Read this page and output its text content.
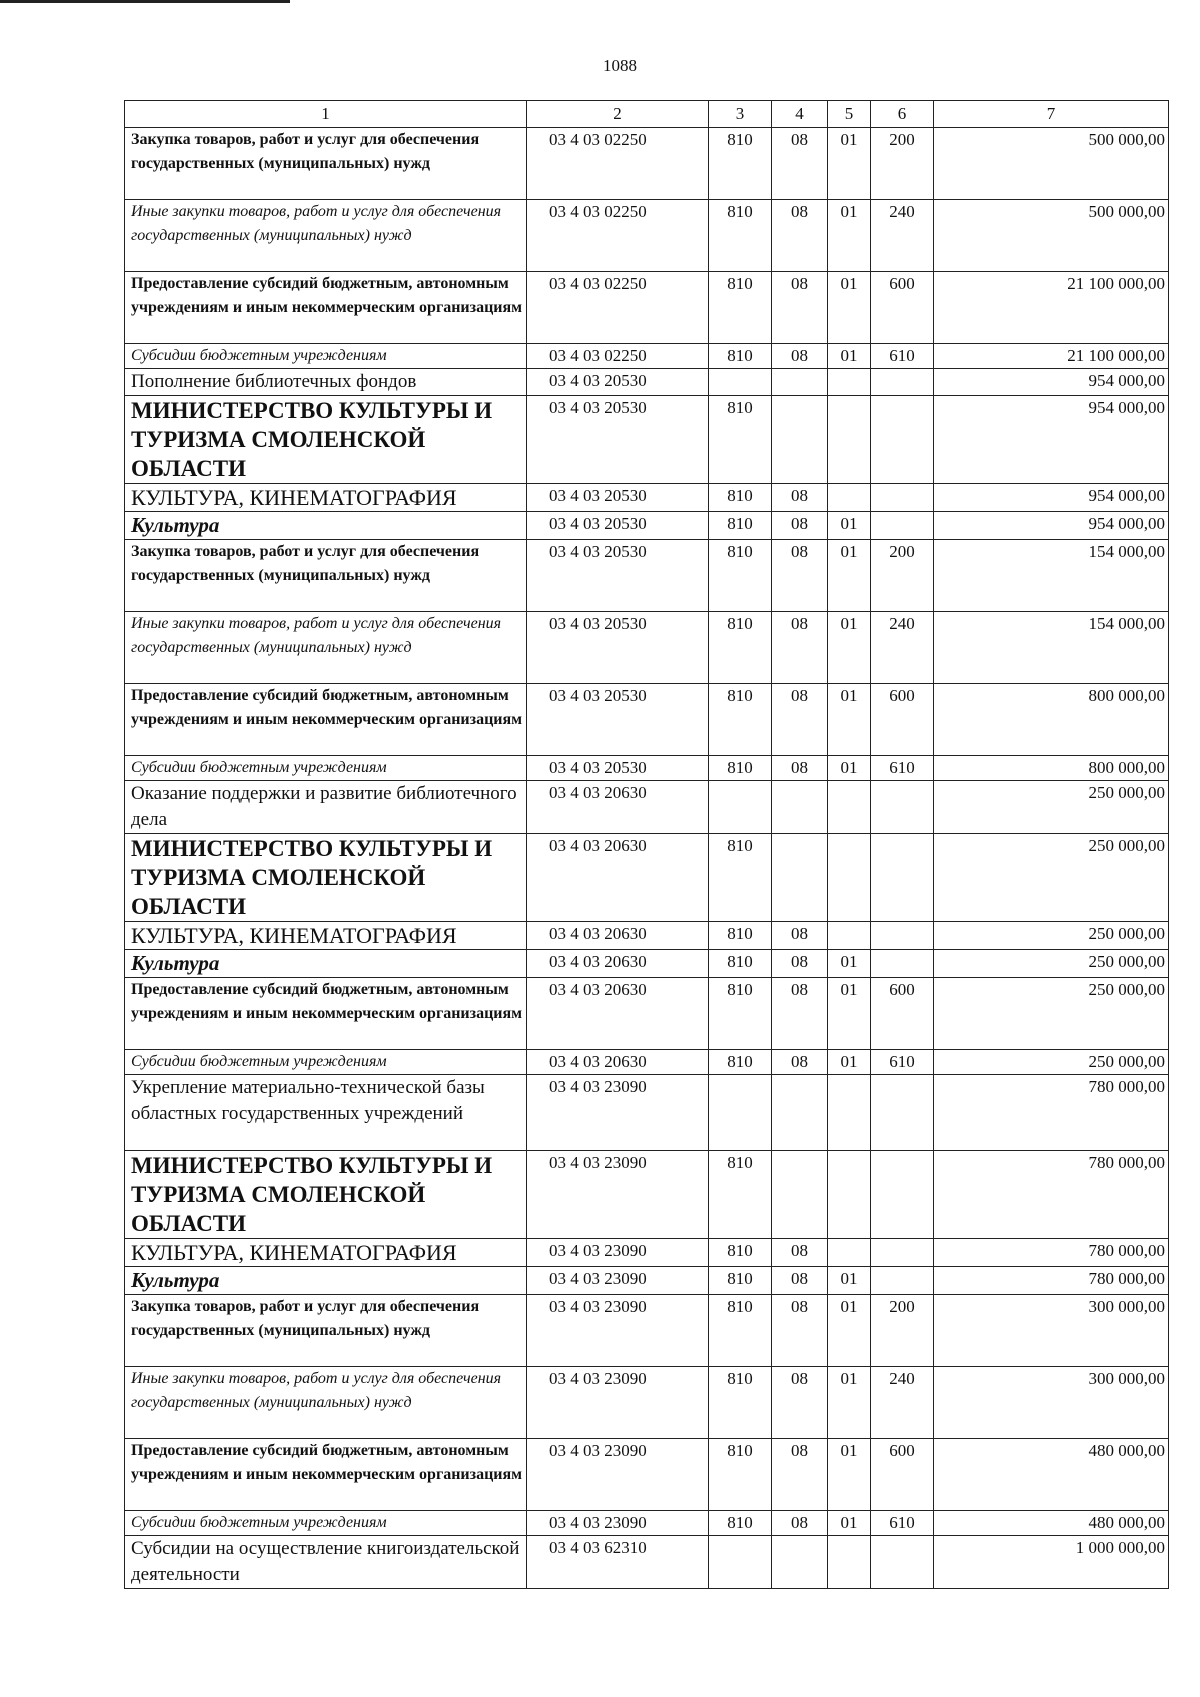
1088
1	2	3	4	5	6	7
Закупка товаров, работ и услуг для обеспечения государственных (муниципальных) нужд	03 4 03 02250	810	08	01	200	500 000,00
Иные закупки товаров, работ и услуг для обеспечения государственных (муниципальных) нужд	03 4 03 02250	810	08	01	240	500 000,00
Предоставление субсидий бюджетным, автономным учреждениям и иным некоммерческим организациям	03 4 03 02250	810	08	01	600	21 100 000,00
Субсидии бюджетным учреждениям	03 4 03 02250	810	08	01	610	21 100 000,00
Пополнение библиотечных фондов	03 4 03 20530					954 000,00
МИНИСТЕРСТВО КУЛЬТУРЫ И ТУРИЗМА СМОЛЕНСКОЙ ОБЛАСТИ	03 4 03 20530	810				954 000,00
КУЛЬТУРА, КИНЕМАТОГРАФИЯ	03 4 03 20530	810	08			954 000,00
Культура	03 4 03 20530	810	08	01		954 000,00
Закупка товаров, работ и услуг для обеспечения государственных (муниципальных) нужд	03 4 03 20530	810	08	01	200	154 000,00
Иные закупки товаров, работ и услуг для обеспечения государственных (муниципальных) нужд	03 4 03 20530	810	08	01	240	154 000,00
Предоставление субсидий бюджетным, автономным учреждениям и иным некоммерческим организациям	03 4 03 20530	810	08	01	600	800 000,00
Субсидии бюджетным учреждениям	03 4 03 20530	810	08	01	610	800 000,00
Оказание поддержки и развитие библиотечного дела	03 4 03 20630					250 000,00
МИНИСТЕРСТВО КУЛЬТУРЫ И ТУРИЗМА СМОЛЕНСКОЙ ОБЛАСТИ	03 4 03 20630	810				250 000,00
КУЛЬТУРА, КИНЕМАТОГРАФИЯ	03 4 03 20630	810	08			250 000,00
Культура	03 4 03 20630	810	08	01		250 000,00
Предоставление субсидий бюджетным, автономным учреждениям и иным некоммерческим организациям	03 4 03 20630	810	08	01	600	250 000,00
Субсидии бюджетным учреждениям	03 4 03 20630	810	08	01	610	250 000,00
Укрепление материально-технической базы областных государственных учреждений	03 4 03 23090					780 000,00
МИНИСТЕРСТВО КУЛЬТУРЫ И ТУРИЗМА СМОЛЕНСКОЙ ОБЛАСТИ	03 4 03 23090	810				780 000,00
КУЛЬТУРА, КИНЕМАТОГРАФИЯ	03 4 03 23090	810	08			780 000,00
Культура	03 4 03 23090	810	08	01		780 000,00
Закупка товаров, работ и услуг для обеспечения государственных (муниципальных) нужд	03 4 03 23090	810	08	01	200	300 000,00
Иные закупки товаров, работ и услуг для обеспечения государственных (муниципальных) нужд	03 4 03 23090	810	08	01	240	300 000,00
Предоставление субсидий бюджетным, автономным учреждениям и иным некоммерческим организациям	03 4 03 23090	810	08	01	600	480 000,00
Субсидии бюджетным учреждениям	03 4 03 23090	810	08	01	610	480 000,00
Субсидии на осуществление книгоиздательской деятельности	03 4 03 62310					1 000 000,00
